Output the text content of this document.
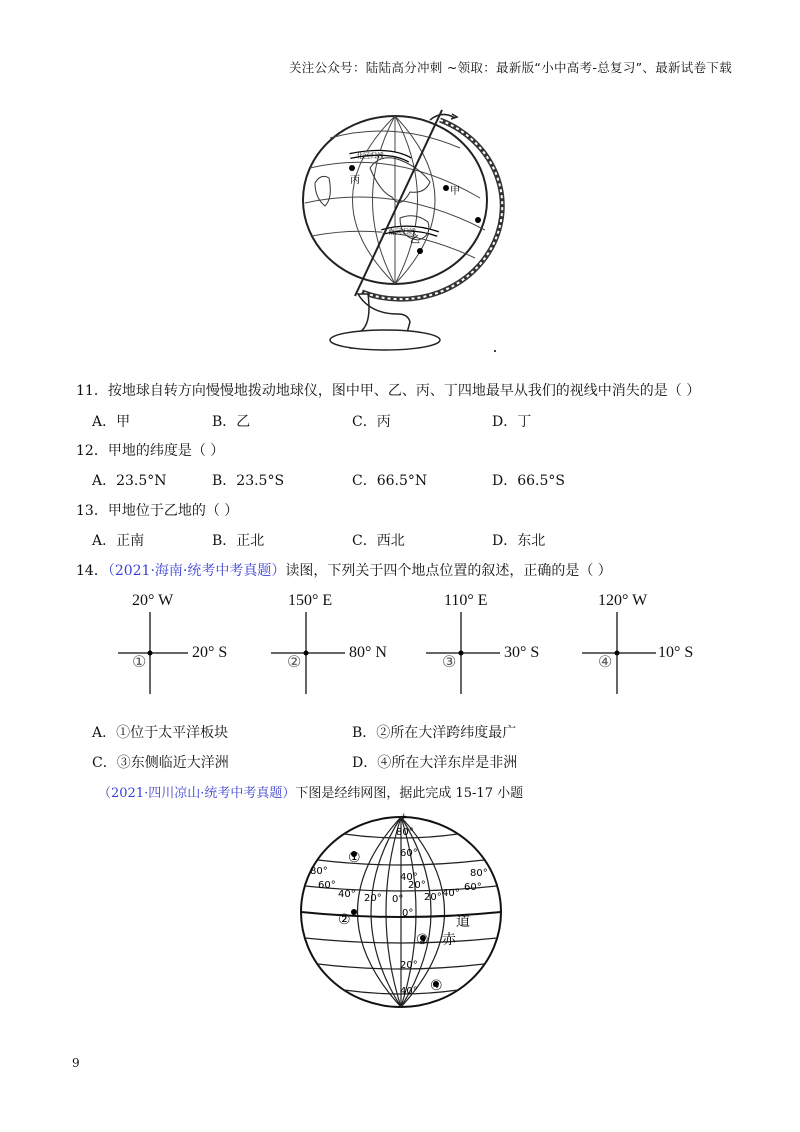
关注公众号：陆陆高分冲刺 ~领取：最新版“小中高考-总复习”、最新试卷下载
北回归线
南回归线
甲
乙
丙
11．按地球自转方向慢慢地拨动地球仪，图中甲、乙、丙、丁四地最早从我们的视线中消失的是（ ）
A．甲	B．乙	C．丙	D．丁
12．甲地的纬度是（ ）
A．23.5°N	B．23.5°S	C．66.5°N	D．66.5°S
13．甲地位于乙地的（ ）
A．正南	B．正北	C．西北	D．东北
14．（2021·海南·统考中考真题）读图，下列关于四个地点位置的叙述，正确的是（ ）
20° W
①
20° S
150° E
②
80° N
110° E
③
30° S
120° W
④
10° S
A．①位于太平洋板块	B．②所在大洋跨纬度最广
C．③东侧临近大洋洲	D．④所在大洋东岸是非洲
（2021·四川凉山·统考中考真题）下图是经纬网图，据此完成 15-17 小题
+
80°
60°
40°
80°
60°
40° 20° 0°
20°
20° 40°
60°
80°
0°
20°
40°
赤
道
①
②
③
④
9
